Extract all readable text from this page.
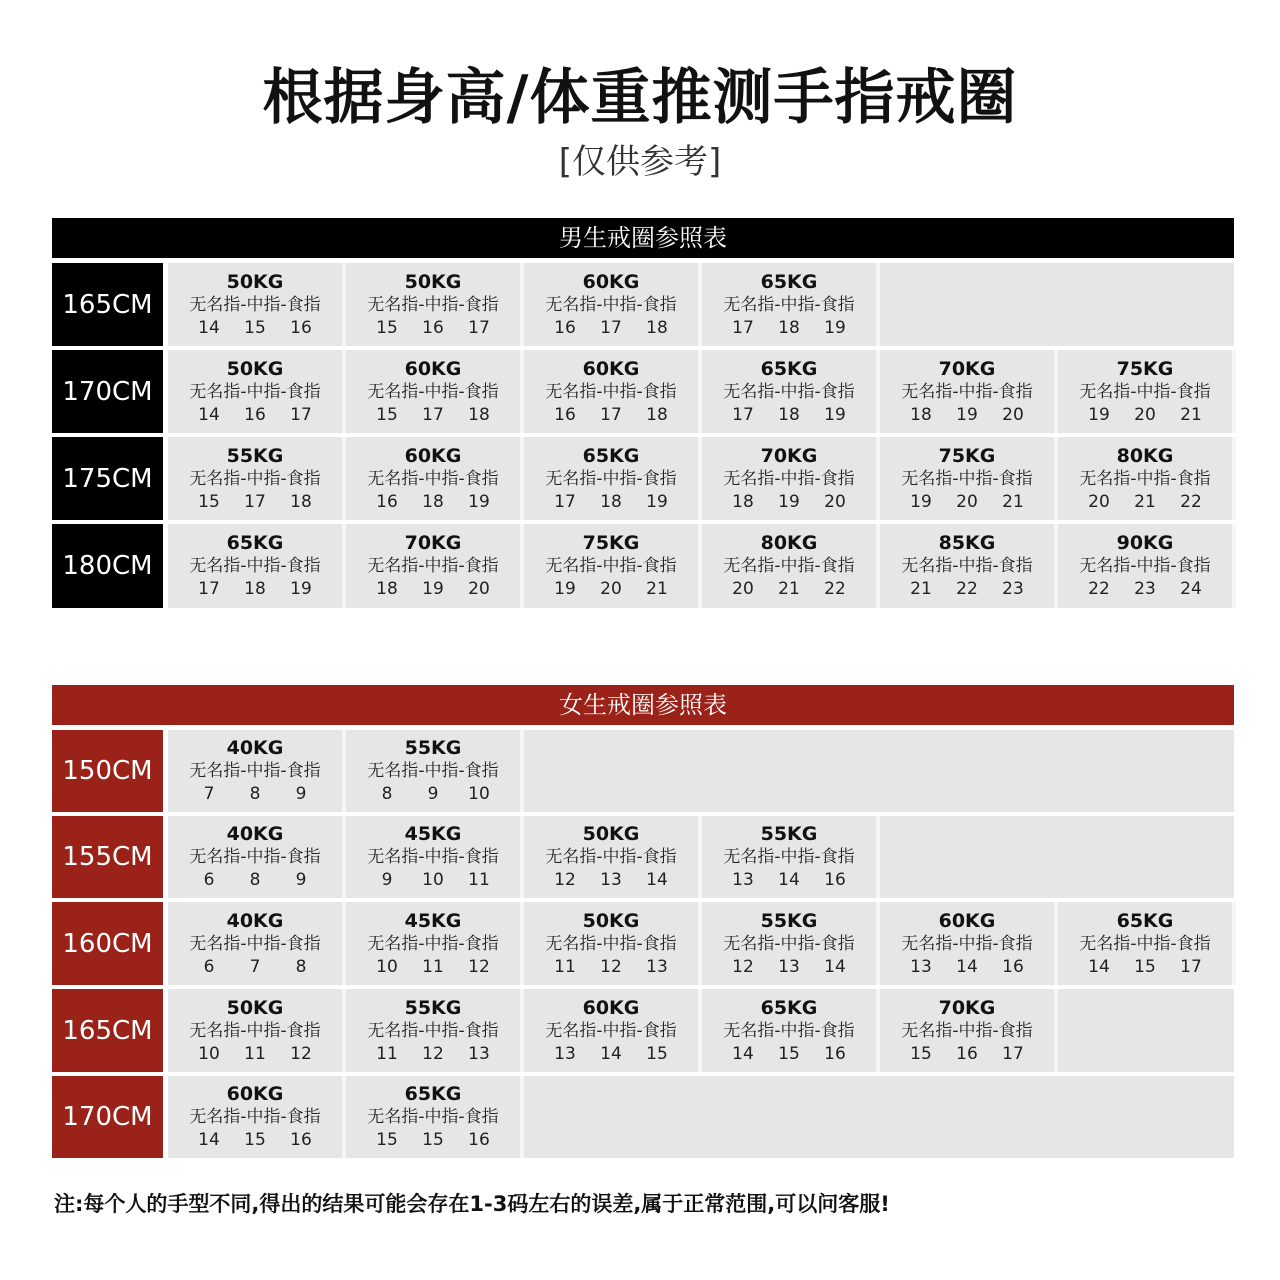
根据身高/体重推测手指戒圈
[仅供参考]
男生戒圈参照表
165CM
50KG
无名指-中指-食指
14	15	16
50KG
无名指-中指-食指
15	16	17
60KG
无名指-中指-食指
16	17	18
65KG
无名指-中指-食指
17	18	19
170CM
50KG
无名指-中指-食指
14	16	17
60KG
无名指-中指-食指
15	17	18
60KG
无名指-中指-食指
16	17	18
65KG
无名指-中指-食指
17	18	19
70KG
无名指-中指-食指
18	19	20
75KG
无名指-中指-食指
19	20	21
175CM
55KG
无名指-中指-食指
15	17	18
60KG
无名指-中指-食指
16	18	19
65KG
无名指-中指-食指
17	18	19
70KG
无名指-中指-食指
18	19	20
75KG
无名指-中指-食指
19	20	21
80KG
无名指-中指-食指
20	21	22
180CM
65KG
无名指-中指-食指
17	18	19
70KG
无名指-中指-食指
18	19	20
75KG
无名指-中指-食指
19	20	21
80KG
无名指-中指-食指
20	21	22
85KG
无名指-中指-食指
21	22	23
90KG
无名指-中指-食指
22	23	24
女生戒圈参照表
150CM
40KG
无名指-中指-食指
7	8	9
55KG
无名指-中指-食指
8	9	10
155CM
40KG
无名指-中指-食指
6	8	9
45KG
无名指-中指-食指
9	10	11
50KG
无名指-中指-食指
12	13	14
55KG
无名指-中指-食指
13	14	16
160CM
40KG
无名指-中指-食指
6	7	8
45KG
无名指-中指-食指
10	11	12
50KG
无名指-中指-食指
11	12	13
55KG
无名指-中指-食指
12	13	14
60KG
无名指-中指-食指
13	14	16
65KG
无名指-中指-食指
14	15	17
165CM
50KG
无名指-中指-食指
10	11	12
55KG
无名指-中指-食指
11	12	13
60KG
无名指-中指-食指
13	14	15
65KG
无名指-中指-食指
14	15	16
70KG
无名指-中指-食指
15	16	17
170CM
60KG
无名指-中指-食指
14	15	16
65KG
无名指-中指-食指
15	15	16
注:每个人的手型不同,得出的结果可能会存在1-3码左右的误差,属于正常范围,可以问客服!
